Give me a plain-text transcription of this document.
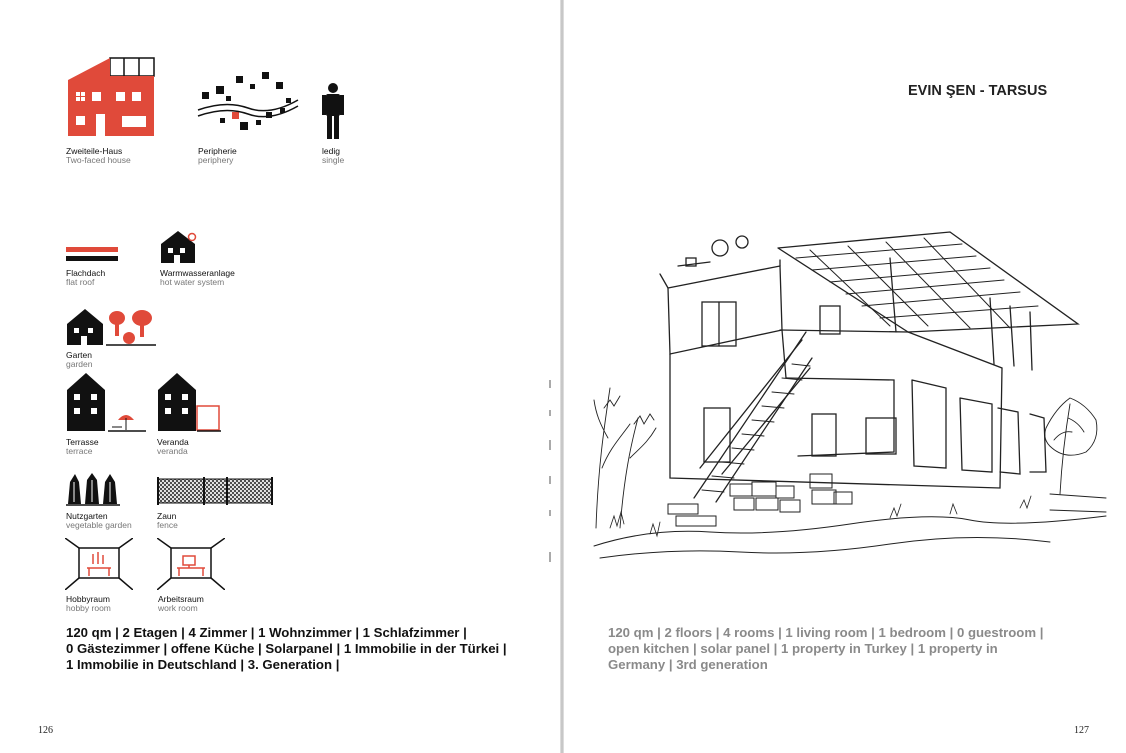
Zweiteile-Haus
Two-faced house
Peripherie
periphery
ledig
single
Flachdach
flat roof
Warmwasseranlage
hot water system
Garten
garden
Terrasse
terrace
Veranda
veranda
Nutzgarten
vegetable garden
Zaun
fence
Hobbyraum
hobby room
Arbeitsraum
work room
120 qm | 2 Etagen | 4 Zimmer | 1 Wohnzimmer | 1 Schlafzimmer |
0 Gästezimmer | offene Küche | Solarpanel | 1 Immobilie in der Türkei |
1 Immobilie in Deutschland | 3. Generation |
126	127
EVIN ŞEN - TARSUS
120 qm | 2 floors | 4 rooms | 1 living room | 1 bedroom | 0 guestroom |
open kitchen | solar panel | 1 property in Turkey | 1 property in
Germany | 3rd generation
